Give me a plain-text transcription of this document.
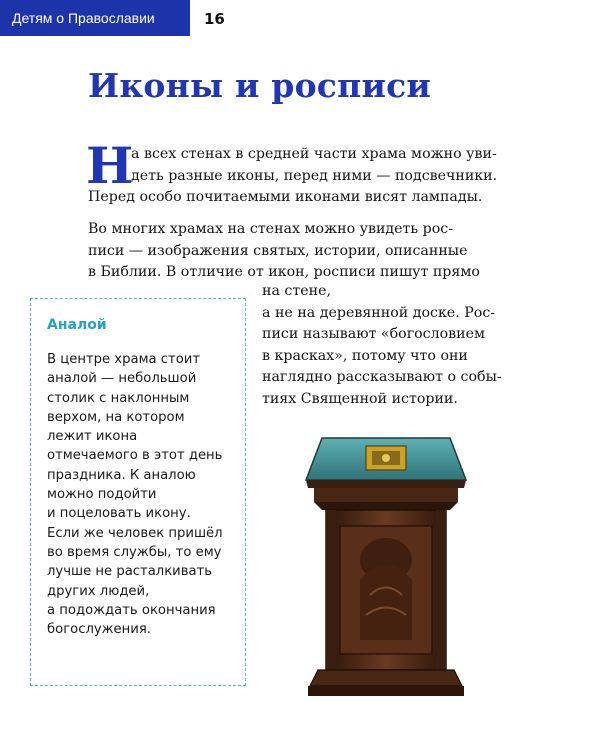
Детям о Православии	16
Иконы и росписи
Н
а всех стенах в средней части храма можно уви-
деть разные иконы, перед ними — подсвечники.
Перед особо почитаемыми иконами висят лампады.
Во многих храмах на стенах можно увидеть рос-
писи — изображения святых, истории, описанные
в Библии. В отличие от икон, росписи пишут прямо
на стене,
а не на деревянной доске. Рос-
писи называют «богословием
в красках», потому что они
наглядно рассказывают о собы-
тиях Священной истории.
Аналой
В центре храма стоит
аналой — небольшой
столик с наклонным
верхом, на котором
лежит икона
отмечаемого в этот день
праздника. К аналою
можно подойти
и поцеловать икону.
Если же человек пришёл
во время службы, то ему
лучше не расталкивать
других людей,
а подождать окончания
богослужения.
